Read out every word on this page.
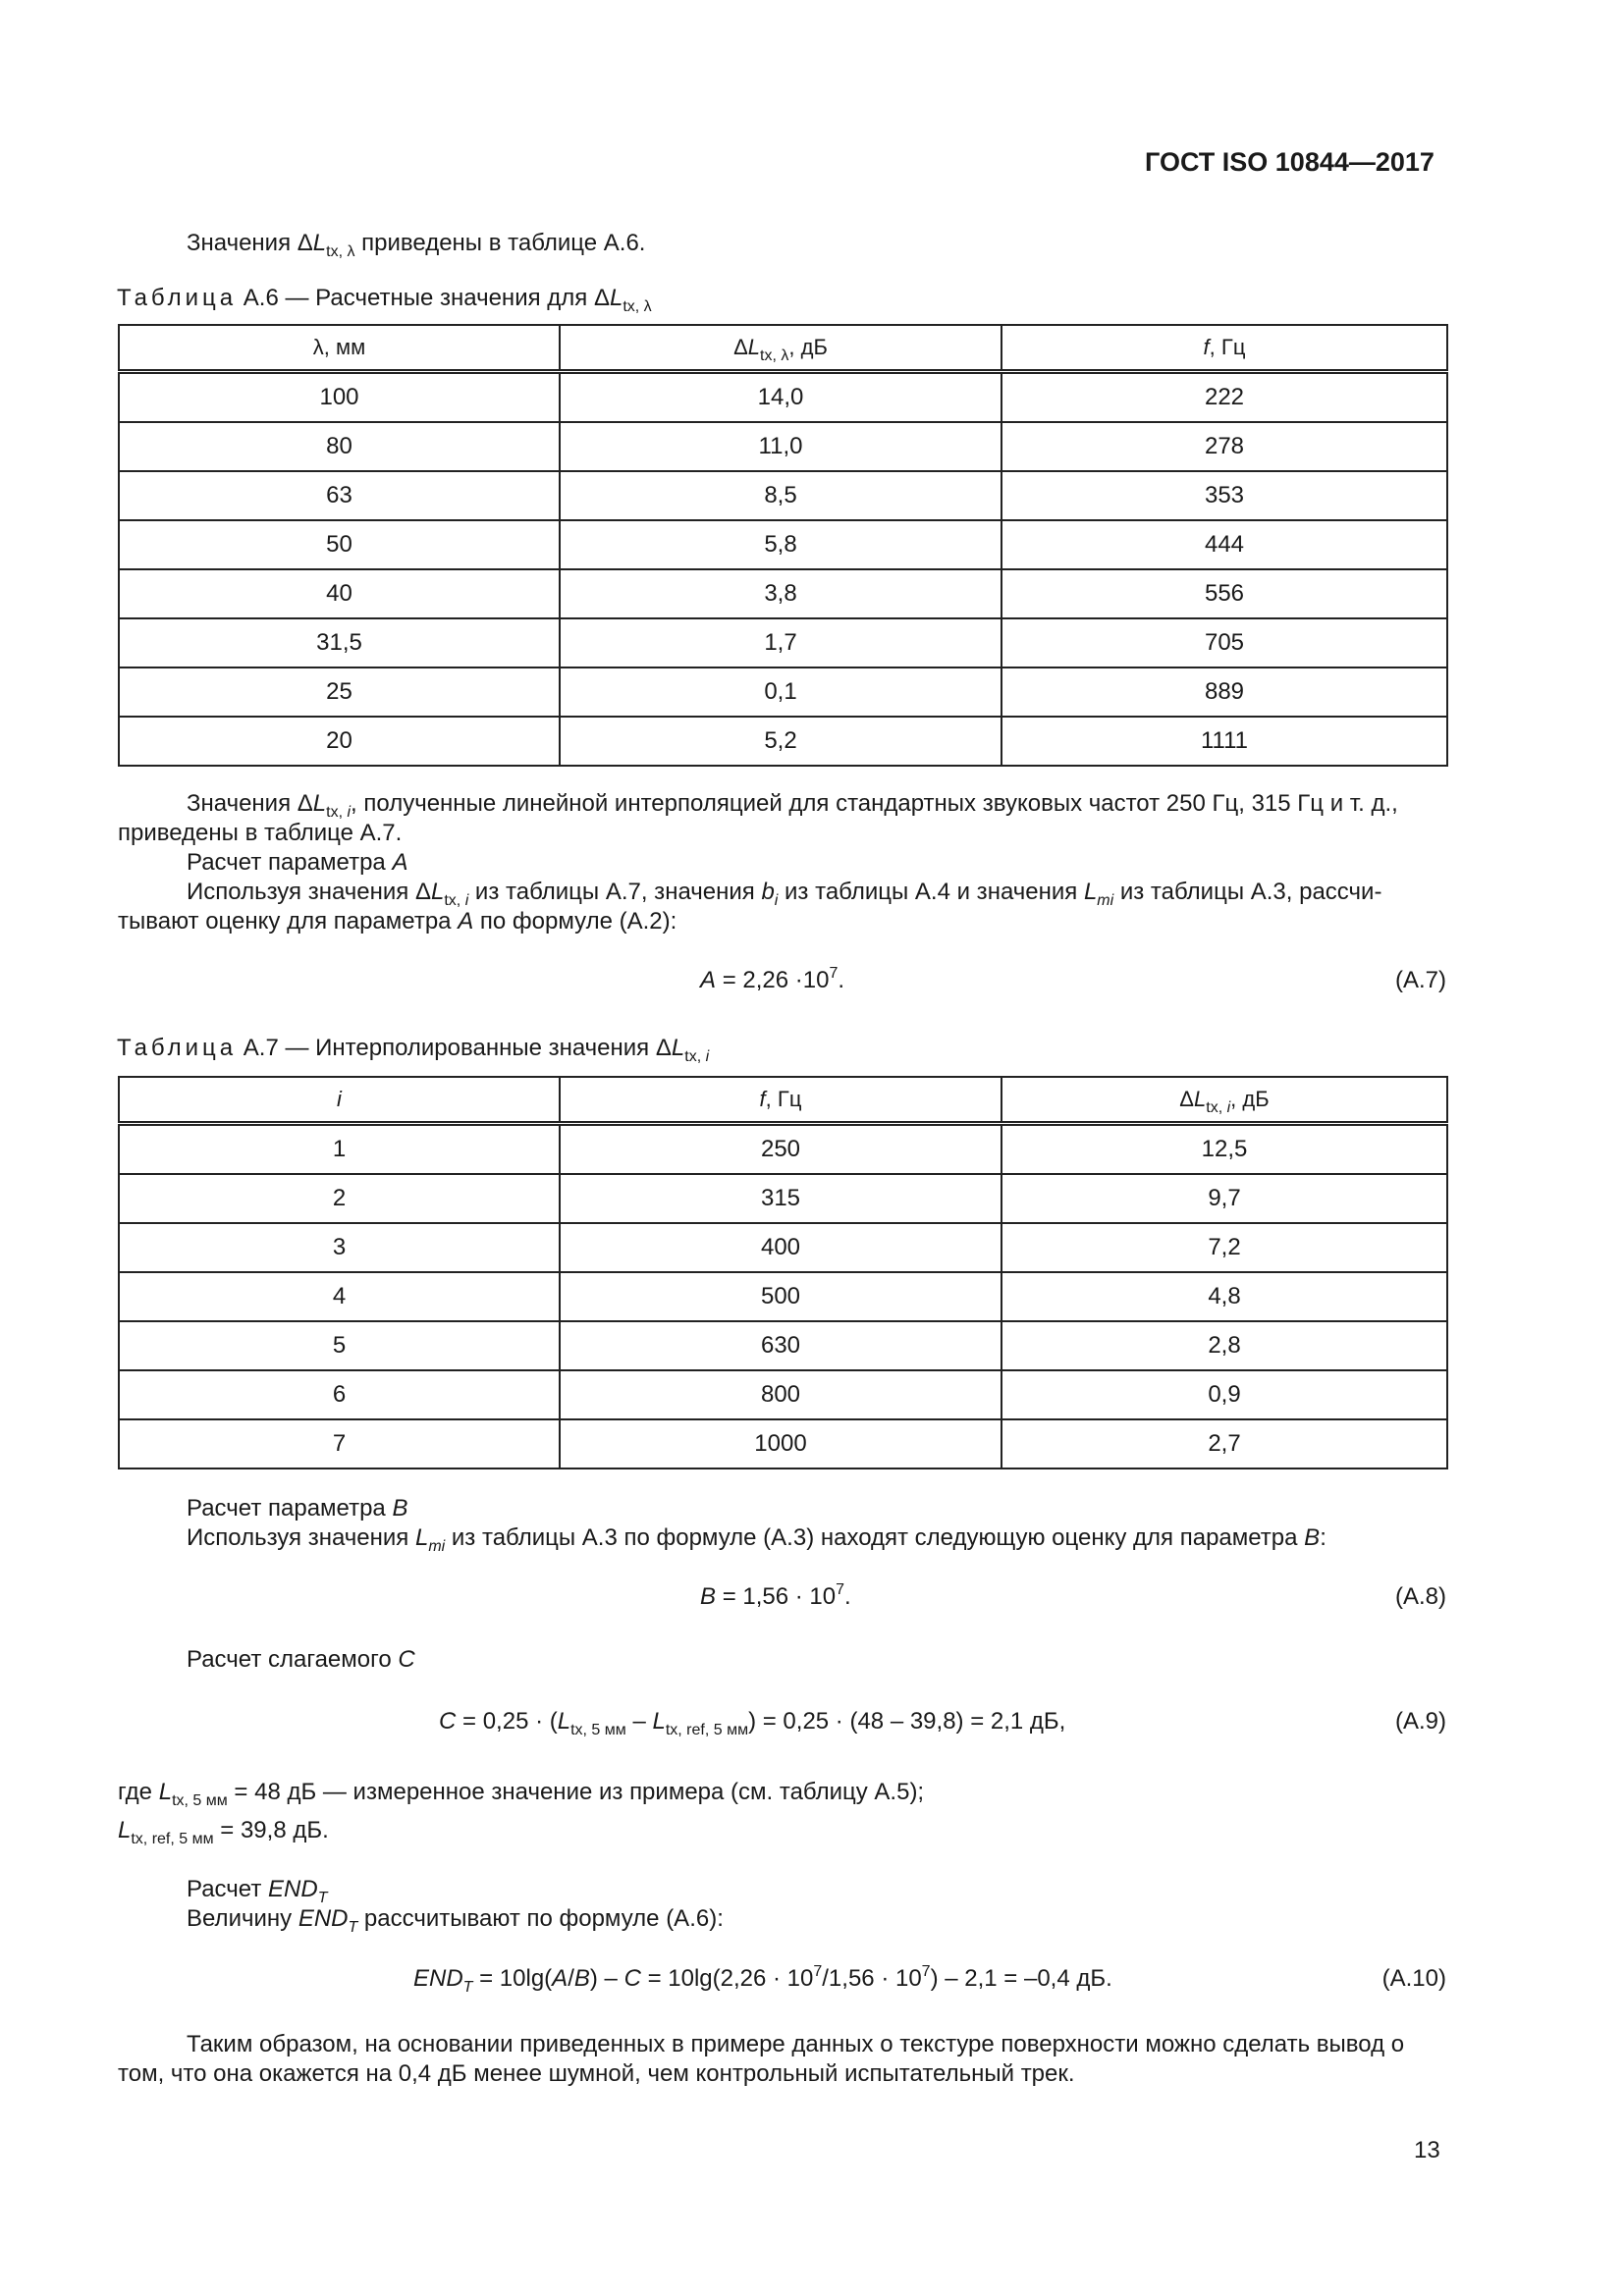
ГОСТ ISO 10844—2017
Значения $\Delta L_{tx, \lambda}$ приведены в таблице А.6.
Таблица А.6 — Расчетные значения для $\Delta L_{tx, \lambda}$
λ, мм	$\Delta L_{tx, \lambda}$, дБ	f, Гц
100	14,0	222
80	11,0	278
63	8,5	353
50	5,8	444
40	3,8	556
31,5	1,7	705
25	0,1	889
20	5,2	1111
Значения $\Delta L_{tx, i}$, полученные линейной интерполяцией для стандартных звуковых частот 250 Гц, 315 Гц и т. д., приведены в таблице А.7.
Расчет параметра A
Используя значения $\Delta L_{tx, i}$ из таблицы А.7, значения $b_i$ из таблицы А.4 и значения $L_{mi}$ из таблицы А.3, рассчи-тывают оценку для параметра A по формуле (А.2):
$A = 2,26 \cdot 10^7$.	(А.7)
Таблица А.7 — Интерполированные значения $\Delta L_{tx, i}$
i	f, Гц	$\Delta L_{tx, i}$, дБ
1	250	12,5
2	315	9,7
3	400	7,2
4	500	4,8
5	630	2,8
6	800	0,9
7	1000	2,7
Расчет параметра B
Используя значения $L_{mi}$ из таблицы А.3 по формуле (А.3) находят следующую оценку для параметра B:
$B = 1,56 \cdot 10^7$.	(А.8)
Расчет слагаемого C
$C = 0,25 \cdot (L_{tx, 5 мм} - L_{tx, ref, 5 мм}) = 0,25 \cdot (48 - 39,8) = 2,1$ дБ,	(А.9)
где $L_{tx, 5 мм} = 48$ дБ — измеренное значение из примера (см. таблицу А.5);
$L_{tx, ref, 5 мм} = 39,8$ дБ.
Расчет $END_T$
Величину $END_T$ рассчитывают по формуле (А.6):
$END_T = 10\lg(A/B) - C = 10\lg(2,26 \cdot 10^7/1,56 \cdot 10^7) - 2,1 = -0,4$ дБ.	(А.10)
Таким образом, на основании приведенных в примере данных о текстуре поверхности можно сделать вывод о том, что она окажется на 0,4 дБ менее шумной, чем контрольный испытательный трек.
13
